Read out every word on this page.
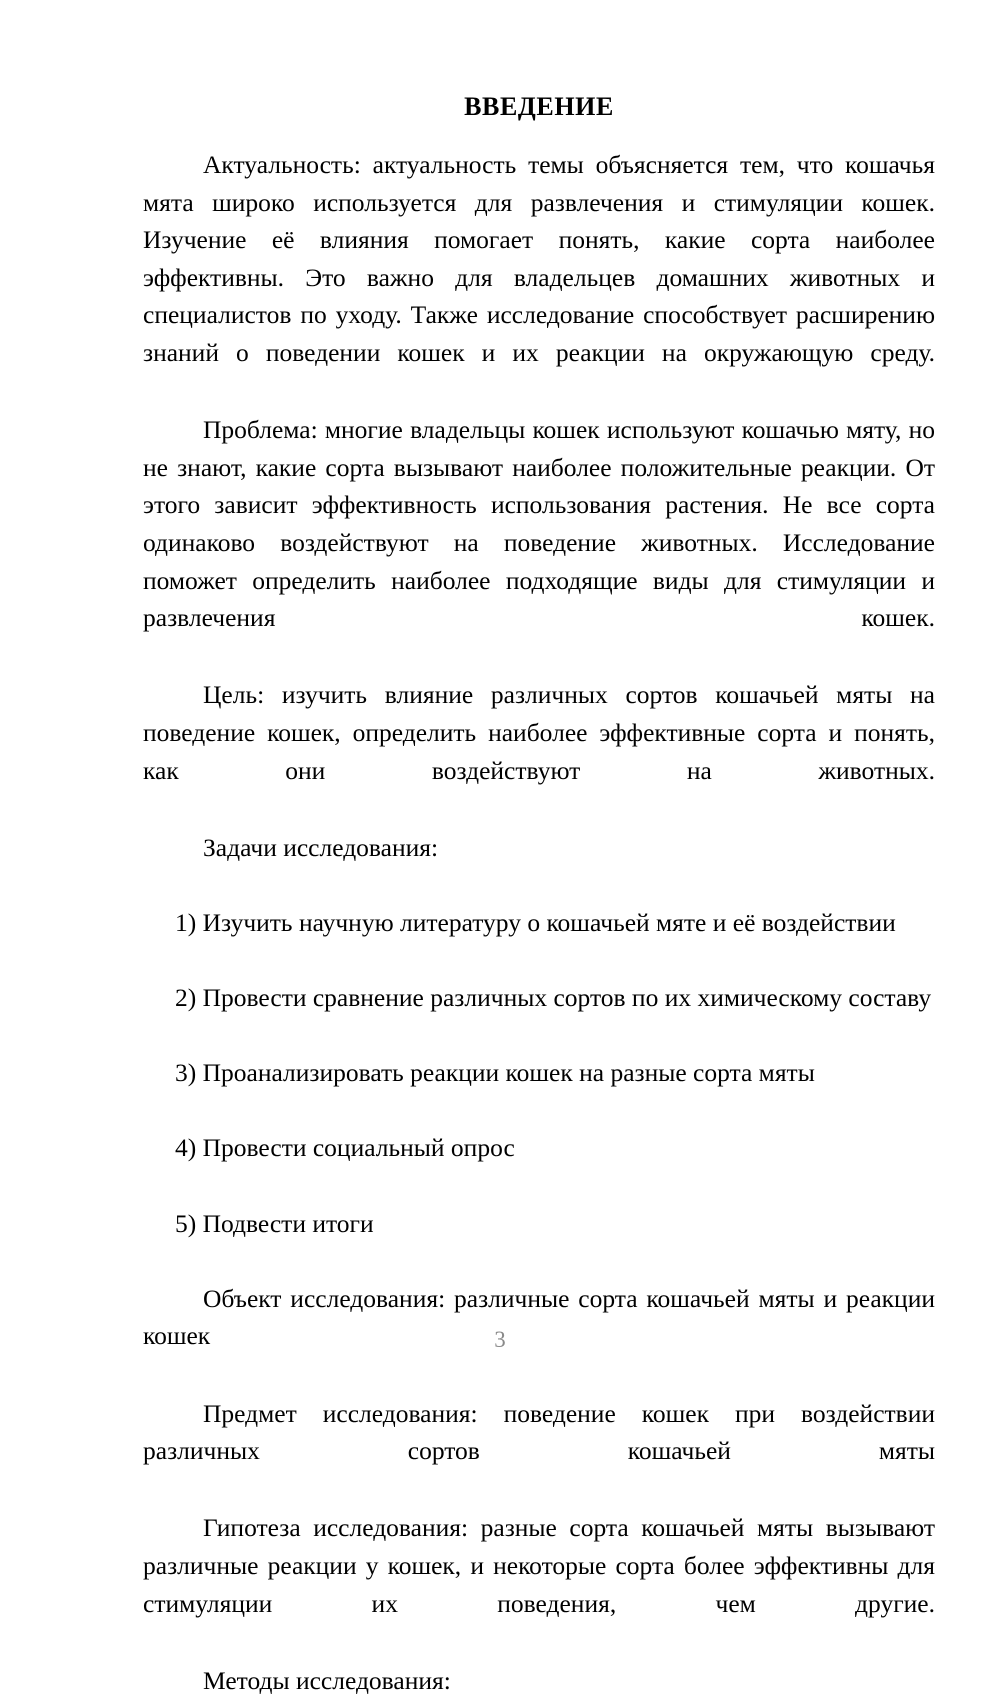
ВВЕДЕНИЕ

Актуальность: актуальность темы объясняется тем, что кошачья мята широко используется для развлечения и стимуляции кошек. Изучение её влияния помогает понять, какие сорта наиболее эффективны. Это важно для владельцев домашних животных и специалистов по уходу. Также исследование способствует расширению знаний о поведении кошек и их реакции на окружающую среду.

Проблема: многие владельцы кошек используют кошачью мяту, но не знают, какие сорта вызывают наиболее положительные реакции. От этого зависит эффективность использования растения. Не все сорта одинаково воздействуют на поведение животных. Исследование поможет определить наиболее подходящие виды для стимуляции и развлечения кошек.

Цель: изучить влияние различных сортов кошачьей мяты на поведение кошек, определить наиболее эффективные сорта и понять, как они воздействуют на животных.

Задачи исследования:

1) Изучить научную литературу о кошачьей мяте и её воздействии
2) Провести сравнение различных сортов по их химическому составу
3) Проанализировать реакции кошек на разные сорта мяты
4) Провести социальный опрос
5) Подвести итоги

Объект исследования: различные сорта кошачьей мяты и реакции кошек

Предмет исследования: поведение кошек при воздействии различных сортов кошачьей мяты

Гипотеза исследования: разные сорта кошачьей мяты вызывают различные реакции у кошек, и некоторые сорта более эффективны для стимуляции их поведения, чем другие.

Методы исследования:

3
